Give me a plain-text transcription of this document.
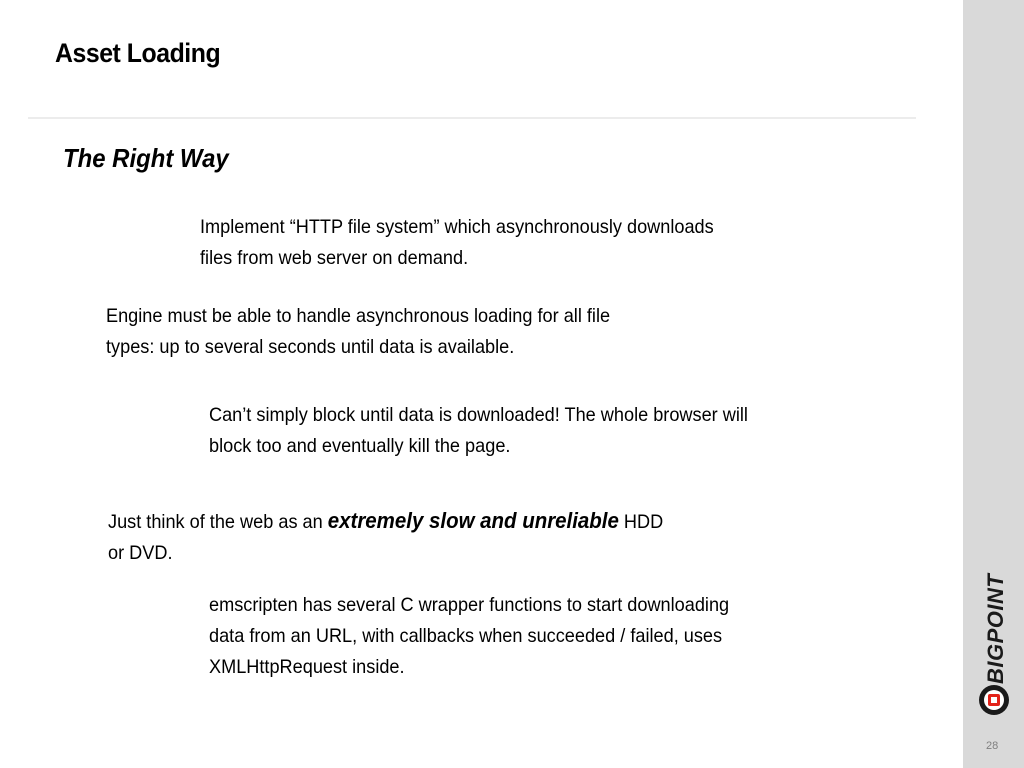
Asset Loading
The Right Way
Implement “HTTP file system” which asynchronously downloads
files from web server on demand.
Engine must be able to handle asynchronous loading for all file
types: up to several seconds until data is available.
Can’t simply block until data is downloaded! The whole browser will
block too and eventually kill the page.
Just think of the web as an extremely slow and unreliable HDD
or DVD.
emscripten has several C wrapper functions to start downloading
data from an URL, with callbacks when succeeded / failed, uses
XMLHttpRequest inside.	BIGPOINT
28
